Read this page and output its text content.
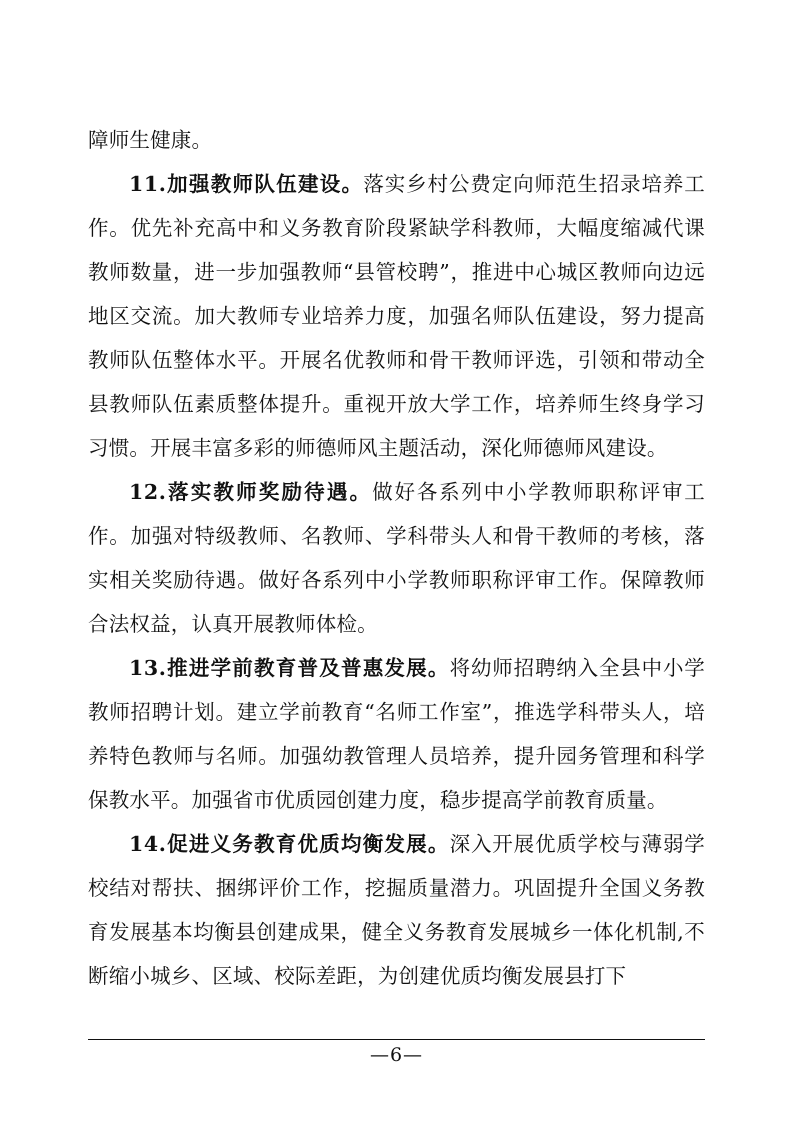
障师生健康。

11.加强教师队伍建设。落实乡村公费定向师范生招录培养工作。优先补充高中和义务教育阶段紧缺学科教师，大幅度缩减代课教师数量，进一步加强教师“县管校聘”，推进中心城区教师向边远地区交流。加大教师专业培养力度，加强名师队伍建设，努力提高教师队伍整体水平。开展名优教师和骨干教师评选，引领和带动全县教师队伍素质整体提升。重视开放大学工作，培养师生终身学习习惯。开展丰富多彩的师德师风主题活动，深化师德师风建设。

12.落实教师奖励待遇。做好各系列中小学教师职称评审工作。加强对特级教师、名教师、学科带头人和骨干教师的考核，落实相关奖励待遇。做好各系列中小学教师职称评审工作。保障教师合法权益，认真开展教师体检。

13.推进学前教育普及普惠发展。将幼师招聘纳入全县中小学教师招聘计划。建立学前教育“名师工作室”，推选学科带头人，培养特色教师与名师。加强幼教管理人员培养，提升园务管理和科学保教水平。加强省市优质园创建力度，稳步提高学前教育质量。

14.促进义务教育优质均衡发展。深入开展优质学校与薄弱学校结对帮扶、捆绑评价工作，挖掘质量潜力。巩固提升全国义务教育发展基本均衡县创建成果，健全义务教育发展城乡一体化机制,不断缩小城乡、区域、校际差距，为创建优质均衡发展县打下

—6—
